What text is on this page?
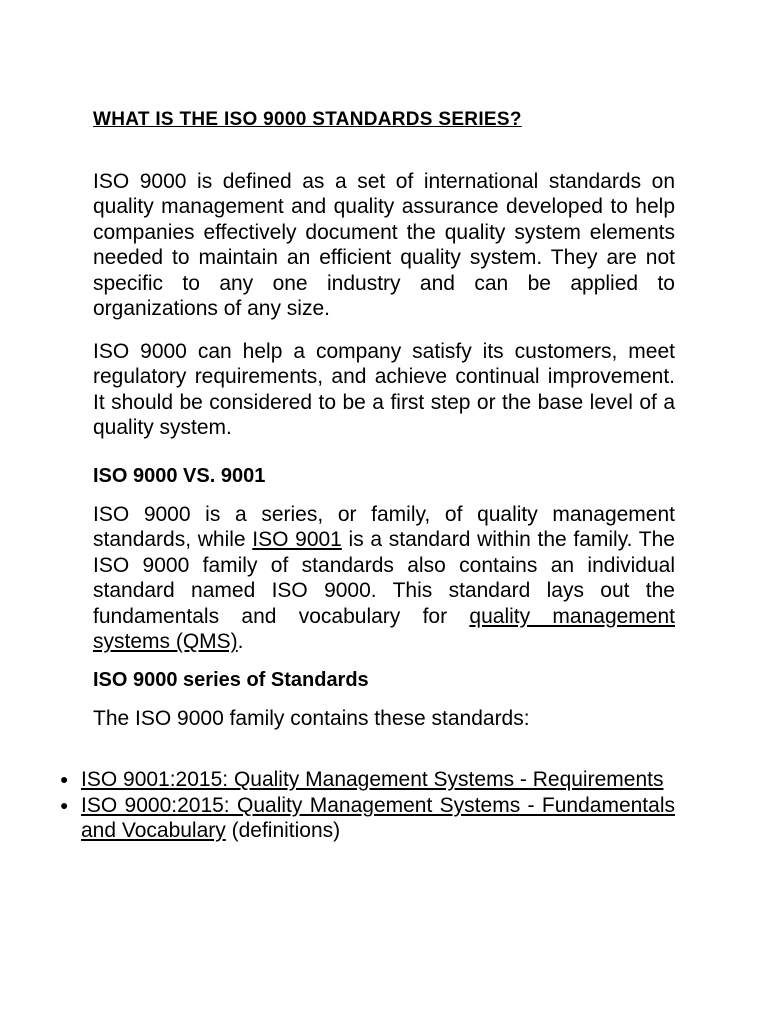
WHAT IS THE ISO 9000 STANDARDS SERIES?

ISO 9000 is defined as a set of international standards on quality management and quality assurance developed to help companies effectively document the quality system elements needed to maintain an efficient quality system. They are not specific to any one industry and can be applied to organizations of any size.

ISO 9000 can help a company satisfy its customers, meet regulatory requirements, and achieve continual improvement. It should be considered to be a first step or the base level of a quality system.

ISO 9000 VS. 9001

ISO 9000 is a series, or family, of quality management standards, while ISO 9001 is a standard within the family. The ISO 9000 family of standards also contains an individual standard named ISO 9000. This standard lays out the fundamentals and vocabulary for quality management systems (QMS).

ISO 9000 series of Standards

The ISO 9000 family contains these standards:

● ISO 9001:2015: Quality Management Systems - Requirements
● ISO 9000:2015: Quality Management Systems - Fundamentals and Vocabulary (definitions)
